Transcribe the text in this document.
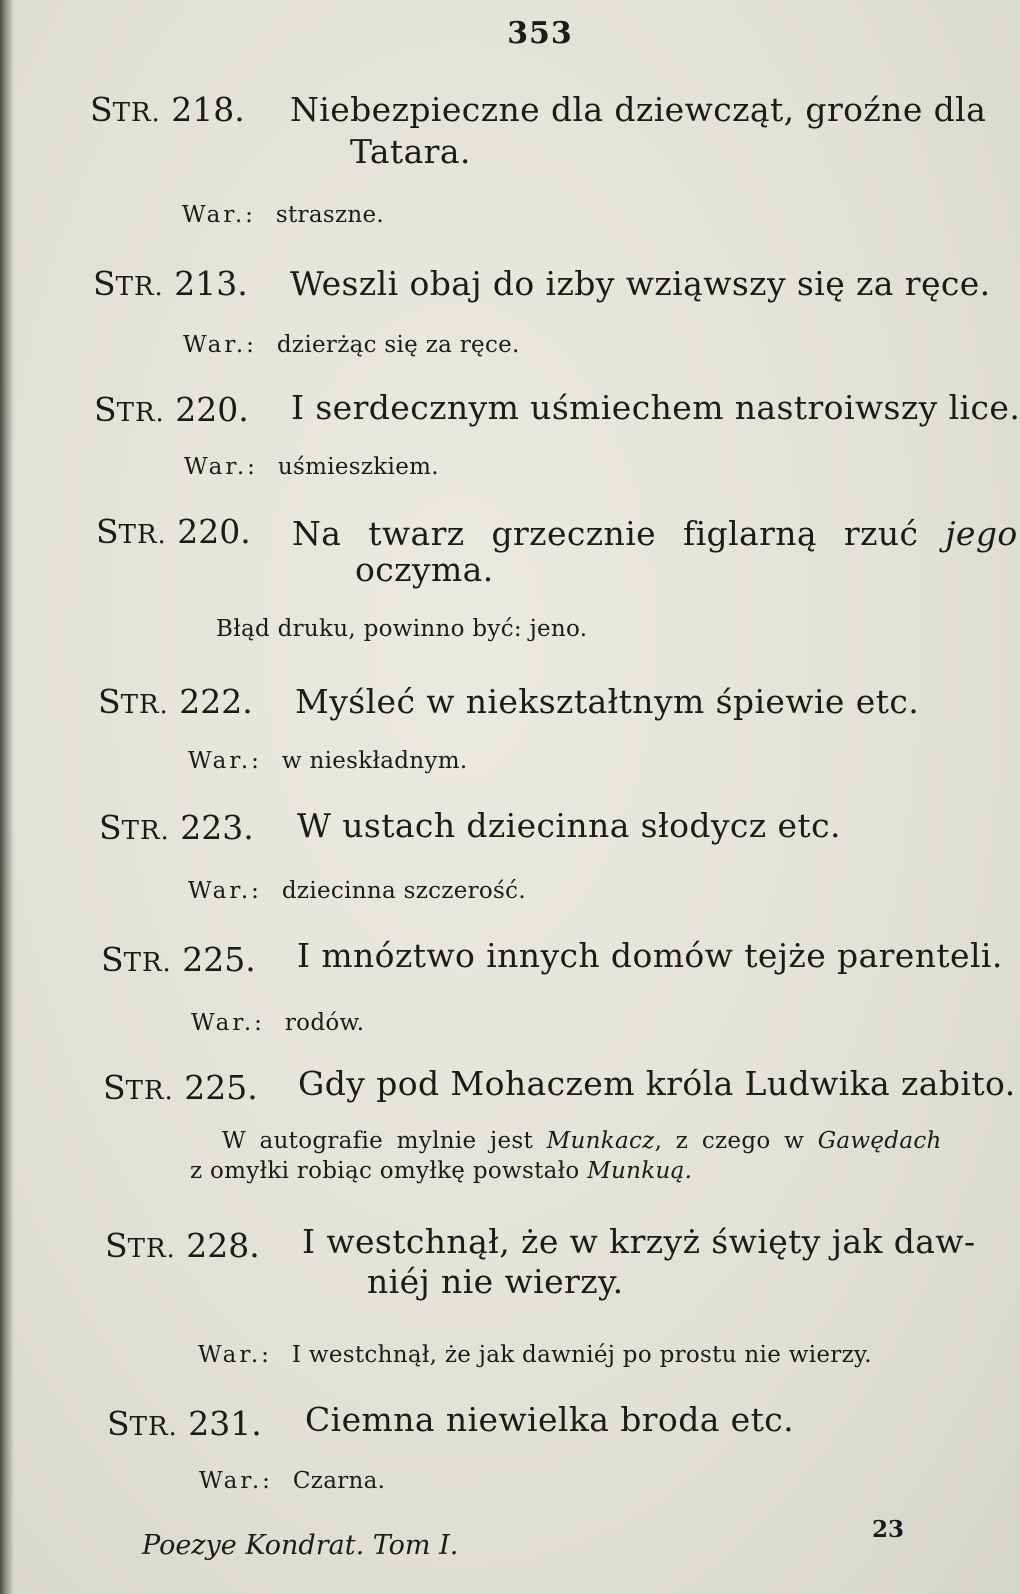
353
STR. 218. Niebezpieczne dla dziewcząt, groźne dla
Tatara.
War.: straszne.
STR. 213. Weszli obaj do izby wziąwszy się za ręce.
War.: dzierżąc się za ręce.
STR. 220. I serdecznym uśmiechem nastroiwszy lice.
War.: uśmieszkiem.
STR. 220. Na twarz grzecznie figlarną rzuć jego
oczyma.
Błąd druku, powinno być: jeno.
STR. 222. Myśleć w niekształtnym śpiewie etc.
War.: w nieskładnym.
STR. 223. W ustach dziecinna słodycz etc.
War.: dziecinna szczerość.
STR. 225. I mnóztwo innych domów tejże parenteli.
War.: rodów.
STR. 225. Gdy pod Mohaczem króla Ludwika zabito.
W autografie mylnie jest Munkacz, z czego w Gawędach
z omyłki robiąc omyłkę powstało Munkuą.
STR. 228. I westchnął, że w krzyż święty jak daw-
niéj nie wierzy.
War.: I westchnął, że jak dawniéj po prostu nie wierzy.
STR. 231. Ciemna niewielka broda etc.
War.: Czarna.
Poezye Kondrat. Tom I.
23
